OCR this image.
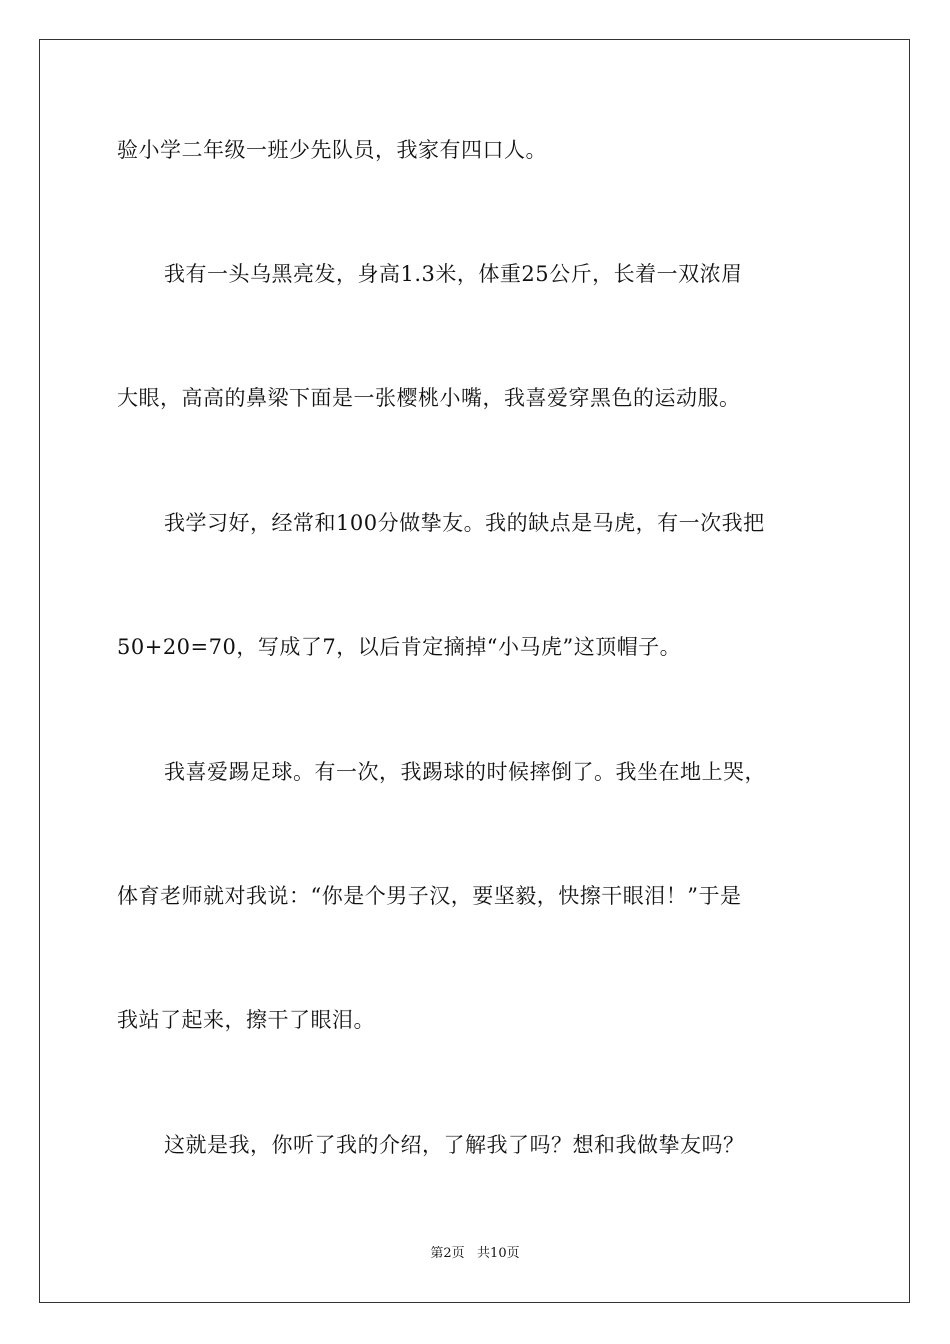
验小学二年级一班少先队员，我家有四口人。
我有一头乌黑亮发，身高1.3米，体重25公斤，长着一双浓眉
大眼，高高的鼻梁下面是一张樱桃小嘴，我喜爱穿黑色的运动服。
我学习好，经常和100分做挚友。我的缺点是马虎，有一次我把
50+20=70，写成了7，以后肯定摘掉“小马虎”这顶帽子。
我喜爱踢足球。有一次，我踢球的时候摔倒了。我坐在地上哭，
体育老师就对我说：“你是个男子汉，要坚毅，快擦干眼泪！”于是
我站了起来，擦干了眼泪。
这就是我，你听了我的介绍，了解我了吗？想和我做挚友吗？
第2页   共10页
